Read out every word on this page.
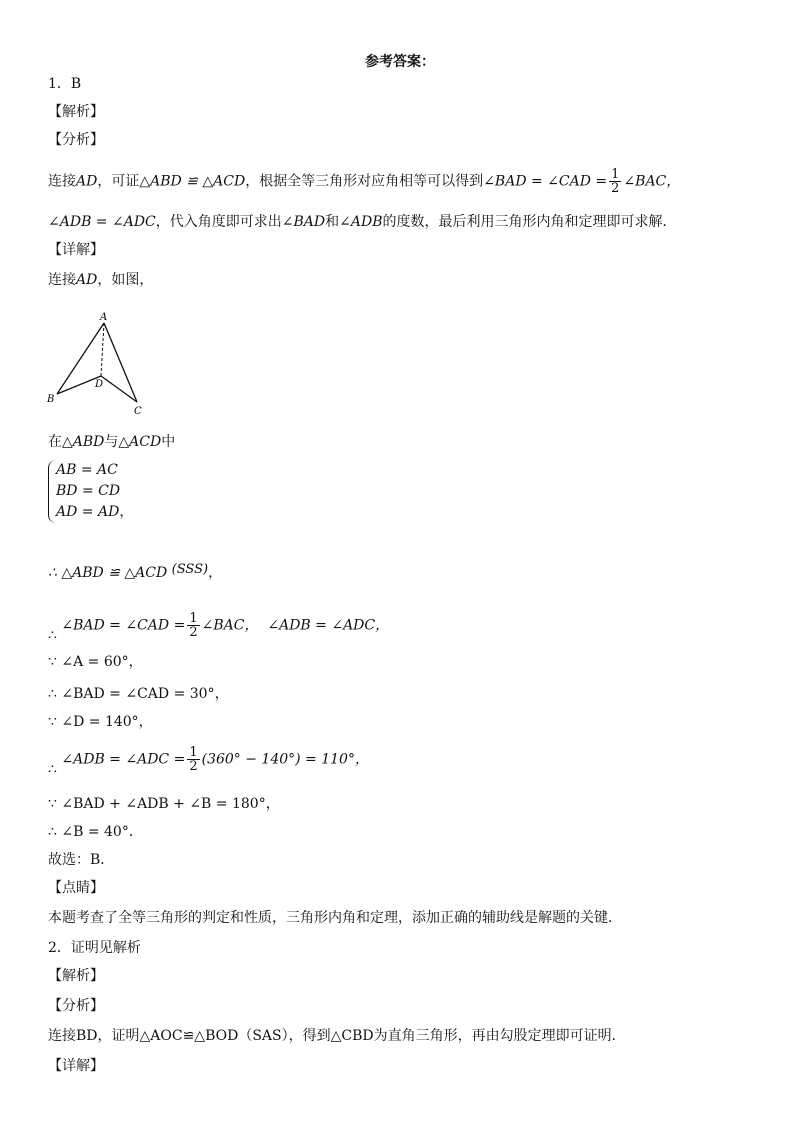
参考答案：
1．B
【解析】
【分析】
连接AD，可证△ABD ≌ △ACD，根据全等三角形对应角相等可以得到∠BAD = ∠CAD = $\frac{1}{2}$ ∠BAC，
∠ADB = ∠ADC，代入角度即可求出∠BAD和∠ADB的度数，最后利用三角形内角和定理即可求解．
【详解】
连接AD，如图，
A
B
C
D
在△ABD与△ACD中
AB = AC
BD = CD
AD = AD，
∴ △ABD ≌ △ACD (SSS)，
∴ ∠BAD = ∠CAD = $\frac{1}{2}$ ∠BAC， ∠ADB = ∠ADC，
∵ ∠A = 60°，
∴ ∠BAD = ∠CAD = 30°，
∵ ∠D = 140°，
∴ ∠ADB = ∠ADC = $\frac{1}{2} (360^\circ - 140^\circ) = 110^\circ$，
∵ ∠BAD + ∠ADB + ∠B = 180°，
∴ ∠B = 40°．
故选：B．
【点睛】
本题考查了全等三角形的判定和性质，三角形内角和定理，添加正确的辅助线是解题的关键．
2．证明见解析
【解析】
【分析】
连接BD，证明△AOC≌△BOD（SAS），得到△CBD为直角三角形，再由勾股定理即可证明．
【详解】
